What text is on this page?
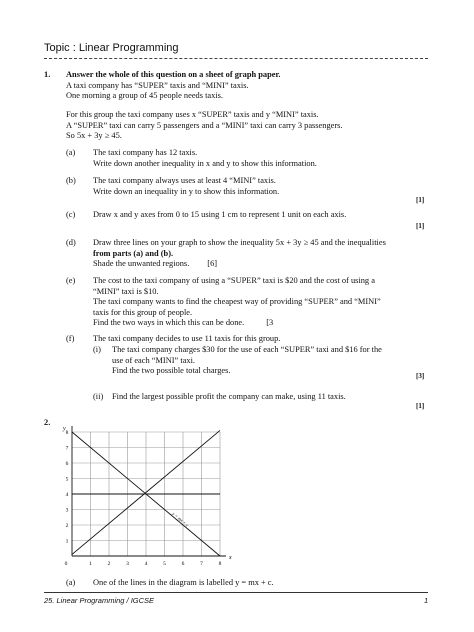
Topic : Linear Programming
1. Answer the whole of this question on a sheet of graph paper.
A taxi company has “SUPER” taxis and “MINI” taxis.
One morning a group of 45 people needs taxis.
For this group the taxi company uses x “SUPER” taxis and y “MINI” taxis.
A “SUPER” taxi can carry 5 passengers and a “MINI” taxi can carry 3 passengers.
So 5x + 3y ≥ 45.
(a) The taxi company has 12 taxis.
Write down another inequality in x and y to show this information.
(b) The taxi company always uses at least 4 “MINI” taxis.
Write down an inequality in y to show this information.
[1]
(c) Draw x and y axes from 0 to 15 using 1 cm to represent 1 unit on each axis.
[1]
(d) Draw three lines on your graph to show the inequality 5x + 3y ≥ 45 and the inequalities
from parts (a) and (b).
Shade the unwanted regions. [6]
(e) The cost to the taxi company of using a “SUPER” taxi is $20 and the cost of using a
“MINI” taxi is $10.
The taxi company wants to find the cheapest way of providing “SUPER” and “MINI”
taxis for this group of people.
Find the two ways in which this can be done.	[3
(f) The taxi company decides to use 11 taxis for this group.
(i) The taxi company charges $30 for the use of each “SUPER” taxi and $16 for the
use of each “MINI” taxi.
Find the two possible total charges.
[3]
(ii) Find the largest possible profit the company can make, using 11 taxis.
[1]
2.
0	1	2	3	4	5	6	7	8
1
2
3
4
5
6
7
8
x
y
y = mx + c
(a) One of the lines in the diagram is labelled y = mx + c.
25. Linear Programming / IGCSE	1
